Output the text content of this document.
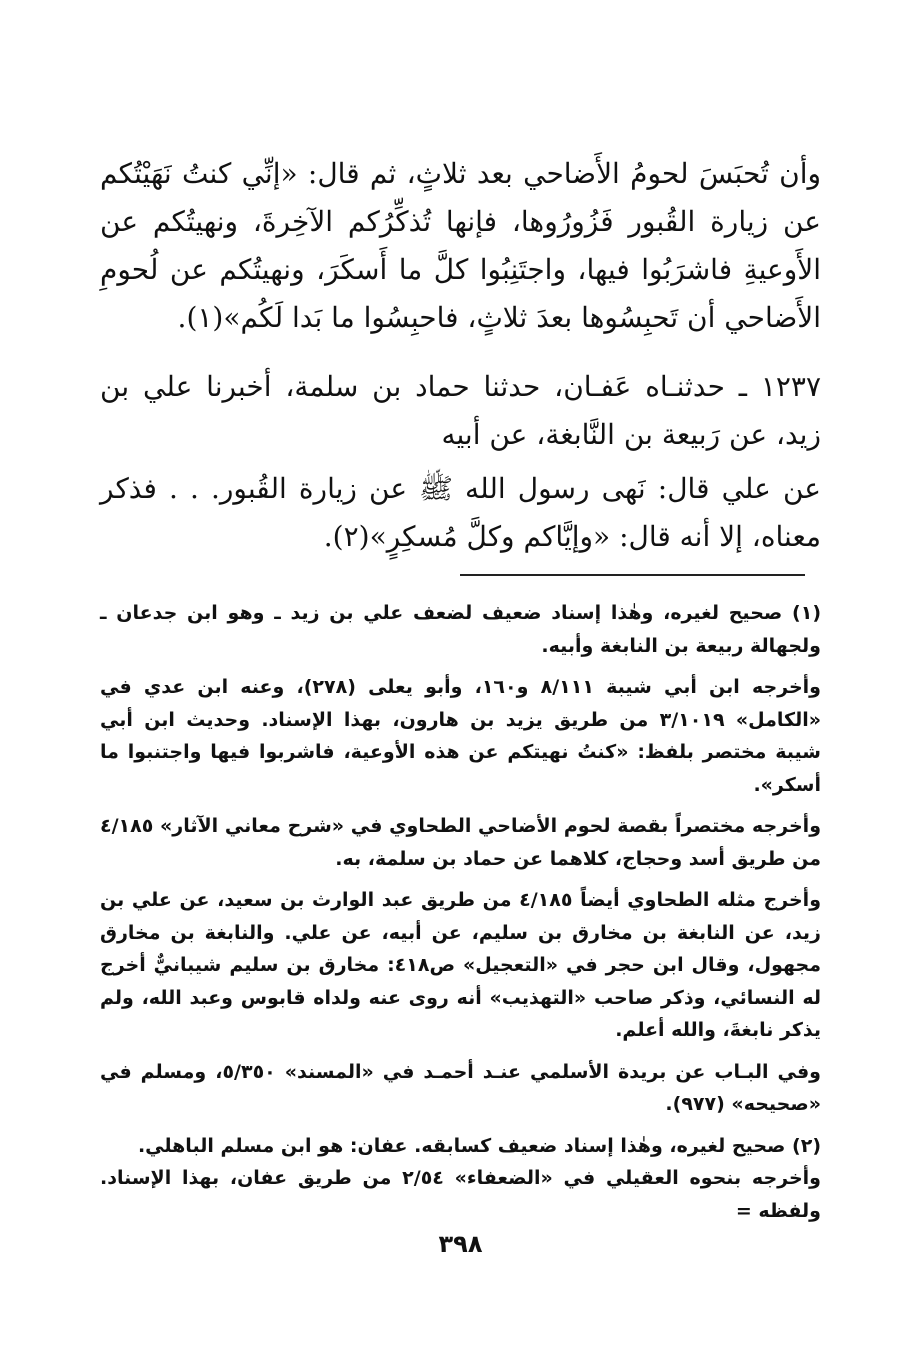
وأن تُحبَسَ لحومُ الأَضاحي بعد ثلاثٍ، ثم قال: «إنِّي كنتُ نَهَيْتُكم عن زيارة القُبور فَزُورُوها، فإنها تُذكِّرُكم الآخِرةَ، ونهيتُكم عن الأَوعيةِ فاشرَبُوا فيها، واجتَنِبُوا كلَّ ما أَسكَرَ، ونهيتُكم عن لُحومِ الأَضاحي أن تَحبِسُوها بعدَ ثلاثٍ، فاحبِسُوا ما بَدا لَكُم»(١).

١٢٣٧ ـ حدثنـاه عَفـان، حدثنا حماد بن سلمة، أخبرنا علي بن زيد، عن رَبيعة بن النَّابغة، عن أبيه

عن علي قال: نَهى رسول الله ﷺ عن زيارة القُبور. . . فذكر معناه، إلا أنه قال: «وإيَّاكم وكلَّ مُسكِرٍ»(٢).

(١) صحيح لغيره، وهٰذا إسناد ضعيف لضعف علي بن زيد ـ وهو ابن جدعان ـ ولجهالة ربيعة بن النابغة وأبيه.

وأخرجه ابن أبي شيبة ٨/١١١ و١٦٠، وأبو يعلى (٢٧٨)، وعنه ابن عدي في «الكامل» ٣/١٠١٩ من طريق يزيد بن هارون، بهذا الإسناد. وحديث ابن أبي شيبة مختصر بلفظ: «كنتُ نهيتكم عن هذه الأوعية، فاشربوا فيها واجتنبوا ما أسكر».

وأخرجه مختصراً بقصة لحوم الأضاحي الطحاوي في «شرح معاني الآثار» ٤/١٨٥ من طريق أسد وحجاج، كلاهما عن حماد بن سلمة، به.

وأخرج مثله الطحاوي أيضاً ٤/١٨٥ من طريق عبد الوارث بن سعيد، عن علي بن زيد، عن النابغة بن مخارق بن سليم، عن أبيه، عن علي. والنابغة بن مخارق مجهول، وقال ابن حجر في «التعجيل» ص٤١٨: مخارق بن سليم شيبانيٌّ أخرج له النسائي، وذكر صاحب «التهذيب» أنه روى عنه ولداه قابوس وعبد الله، ولم يذكر نابغةَ، والله أعلم.

وفي البـاب عن بريدة الأسلمي عنـد أحمـد في «المسند» ٥/٣٥٠، ومسلم في «صحيحه» (٩٧٧).

(٢) صحيح لغيره، وهٰذا إسناد ضعيف كسابقه. عفان: هو ابن مسلم الباهلي.

وأخرجه بنحوه العقيلي في «الضعفاء» ٢/٥٤ من طريق عفان، بهذا الإسناد. ولفظه =

٣٩٨
